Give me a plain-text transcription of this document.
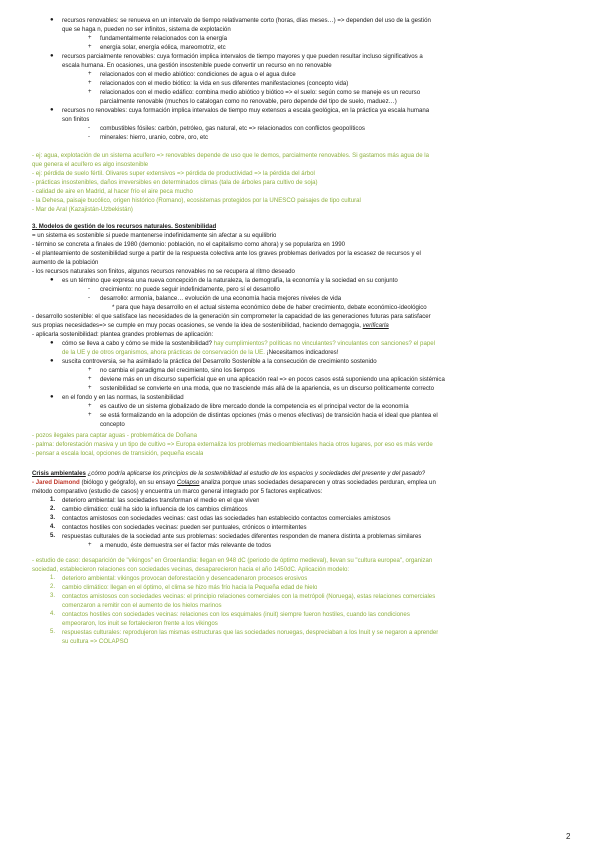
● recursos renovables: se renueva en un intervalo de tiempo relativamente corto (horas, días meses…) => dependen del uso de la gestión
que se haga n, pueden no ser infinitos, sistema de explotación
+ fundamentalmente relacionados con la energía
+ energía solar, energía eólica, mareomotriz, etc
● recursos parcialmente renovables: cuya formación implica intervalos de tiempo mayores y que pueden resultar incluso significativos a
escala humana. En ocasiones, una gestión insostenible puede convertir un recurso en no renovable
+ relacionados con el medio abiótico: condiciones de agua o el agua dulce
+ relacionados con el medio biótico: la vida en sus diferentes manifestaciones (concepto vida)
+ relacionados con el medio edáfico: combina medio abiótico y biótico => el suelo: según como se maneje es un recurso
parcialmente renovable (muchos lo catalogan como no renovable, pero depende del tipo de suelo, maduez…)
● recursos no renovables: cuya formación implica intervalos de tiempo muy extensos a escala geológica, en la práctica ya escala humana
son finitos
- combustibles fósiles: carbón, petróleo, gas natural, etc => relacionados con conflictos geopolíticos
- minerales: hierro, uranio, cobre, oro, etc
- ej: agua, explotación de un sistema acuífero => renovables depende de uso que le demos, parcialmente renovables. Si gastamos más agua de la
que genera el acuífero es algo insostenible
- ej: pérdida de suelo fértil. Olivares super extensivos => pérdida de productividad => la pérdida del árbol
- prácticas insostenibles, daños irreversibles en determinados climas (tala de árboles para cultivo de soja)
- calidad de aire en Madrid, al hacer frío el aire peca mucho
- la Dehesa, paisaje bucólico, origen histórico (Romano), ecosistemas protegidos por la UNESCO paisajes de tipo cultural
- Mar de Aral (Kazajistán-Uzbekistán)
3. Modelos de gestión de los recursos naturales. Sostenibilidad
= un sistema es sostenible si puede mantenerse indefinidamente sin afectar a su equilibrio
- término se concreta a finales de 1980 (demonio: población, no el capitalismo como ahora) y se populariza en 1990
- el planteamiento de sostenibilidad surge a partir de la respuesta colectiva ante los graves problemas derivados por la escasez de recursos y el
aumento de la población
- los recursos naturales son finitos, algunos recursos renovables no se recupera al ritmo deseado
● es un término que expresa una nueva concepción de la naturaleza, la demografía, la economía y la sociedad en su conjunto
- crecimiento: no puede seguir indefinidamente, pero sí el desarrollo
- desarrollo: armonía, balance… evolución de una economía hacia mejores niveles de vida
* para que haya desarrollo en el actual sistema económico debe de haber crecimiento, debate económico-ideológico
- desarrollo sostenible: el que satisface las necesidades de la generación sin comprometer la capacidad de las generaciones futuras para satisfacer
sus propias necesidades=> se cumple en muy pocas ocasiones, se vende la idea de sostenibilidad, haciendo demagogia, verificarla
- aplicarla sostenibilidad: plantea grandes problemas de aplicación:
● cómo se lleva a cabo y cómo se mide la sostenibilidad? hay cumplimientos? políticas no vinculantes? vinculantes con sanciones? el papel
de la UE y de otros organismos, ahora prácticas de conservación de la UE. ¡Necesitamos indicadores!
● suscita controversia, se ha asimilado la práctica del Desarrollo Sostenible a la consecución de crecimiento sostenido
+ no cambia el paradigma del crecimiento, sino los tiempos
+ deviene más en un discurso superficial que en una aplicación real => en pocos casos está suponiendo una aplicación sistémica
+ sostenibilidad se convierte en una moda, que no trasciende más allá de la apariencia, es un discurso políticamente correcto
● en el fondo y en las normas, la sostenibilidad
+ es cautivo de un sistema globalizado de libre mercado donde la competencia es el principal vector de la economía
+ se está formalizando en la adopción de distintas opciones (más o menos efectivas) de transición hacia el ideal que plantea el
concepto
- pozos ilegales para captar aguas - problemática de Doñana
- palma: deforestación masiva y un tipo de cultivo => Europa externaliza los problemas medioambientales hacia otros lugares, por eso es más verde
- pensar a escala local, opciones de transición, pequeña escala
Crisis ambientales ¿cómo podría aplicarse los principios de la sostenibilidad al estudio de los espacios y sociedades del presente y del pasado?
- Jared Diamond (biólogo y geógrafo), en su ensayo Colapso analiza porque unas sociedades desaparecen y otras sociedades perduran, emplea un
método comparativo (estudio de casos) y encuentra un marco general integrado por 5 factores explicativos:
1. deterioro ambiental: las sociedades transforman el medio en el que viven
2. cambio climático: cuál ha sido la influencia de los cambios climáticos
3. contactos amistosos con sociedades vecinas: cast odas las sociedades han establecido contactos comerciales amistosos
4. contactos hostiles con sociedades vecinas: pueden ser puntuales, crónicos o intermitentes
5. respuestas culturales de la sociedad ante sus problemas: sociedades diferentes responden de manera distinta a problemas similares
+ a menudo, éste demuestra ser el factor más relevante de todos
- estudio de caso: desaparición de "vikingos" en Groenlandia: llegan en 948 dC (periodo de óptimo medieval), llevan su "cultura europea", organizan
sociedad, establecieron relaciones con sociedades vecinas, desaparecieron hacia el año 1450dC. Aplicación modelo:
1. deterioro ambiental: vikingos provocan deforestación y desencadenaron procesos erosivos
2. cambio climático: llegan en el óptimo, el clima se hizo más frío hacia la Pequeña edad de hielo
3. contactos amistosos con sociedades vecinas: el principio relaciones comerciales con la metrópoli (Noruega), estas relaciones comerciales
comenzaron a remitir con el aumento de los hielos marinos
4. contactos hostiles con sociedades vecinas: relaciones con los esquimales (inuit) siempre fueron hostiles, cuando las condiciones
empeoraron, los inuit se fortalecieron frente a los vikingos
5. respuestas culturales: reprodujeron las mismas estructuras que las sociedades noruegas, despreciaban a los Inuit y se negaron a aprender
su cultura => COLAPSO
2
